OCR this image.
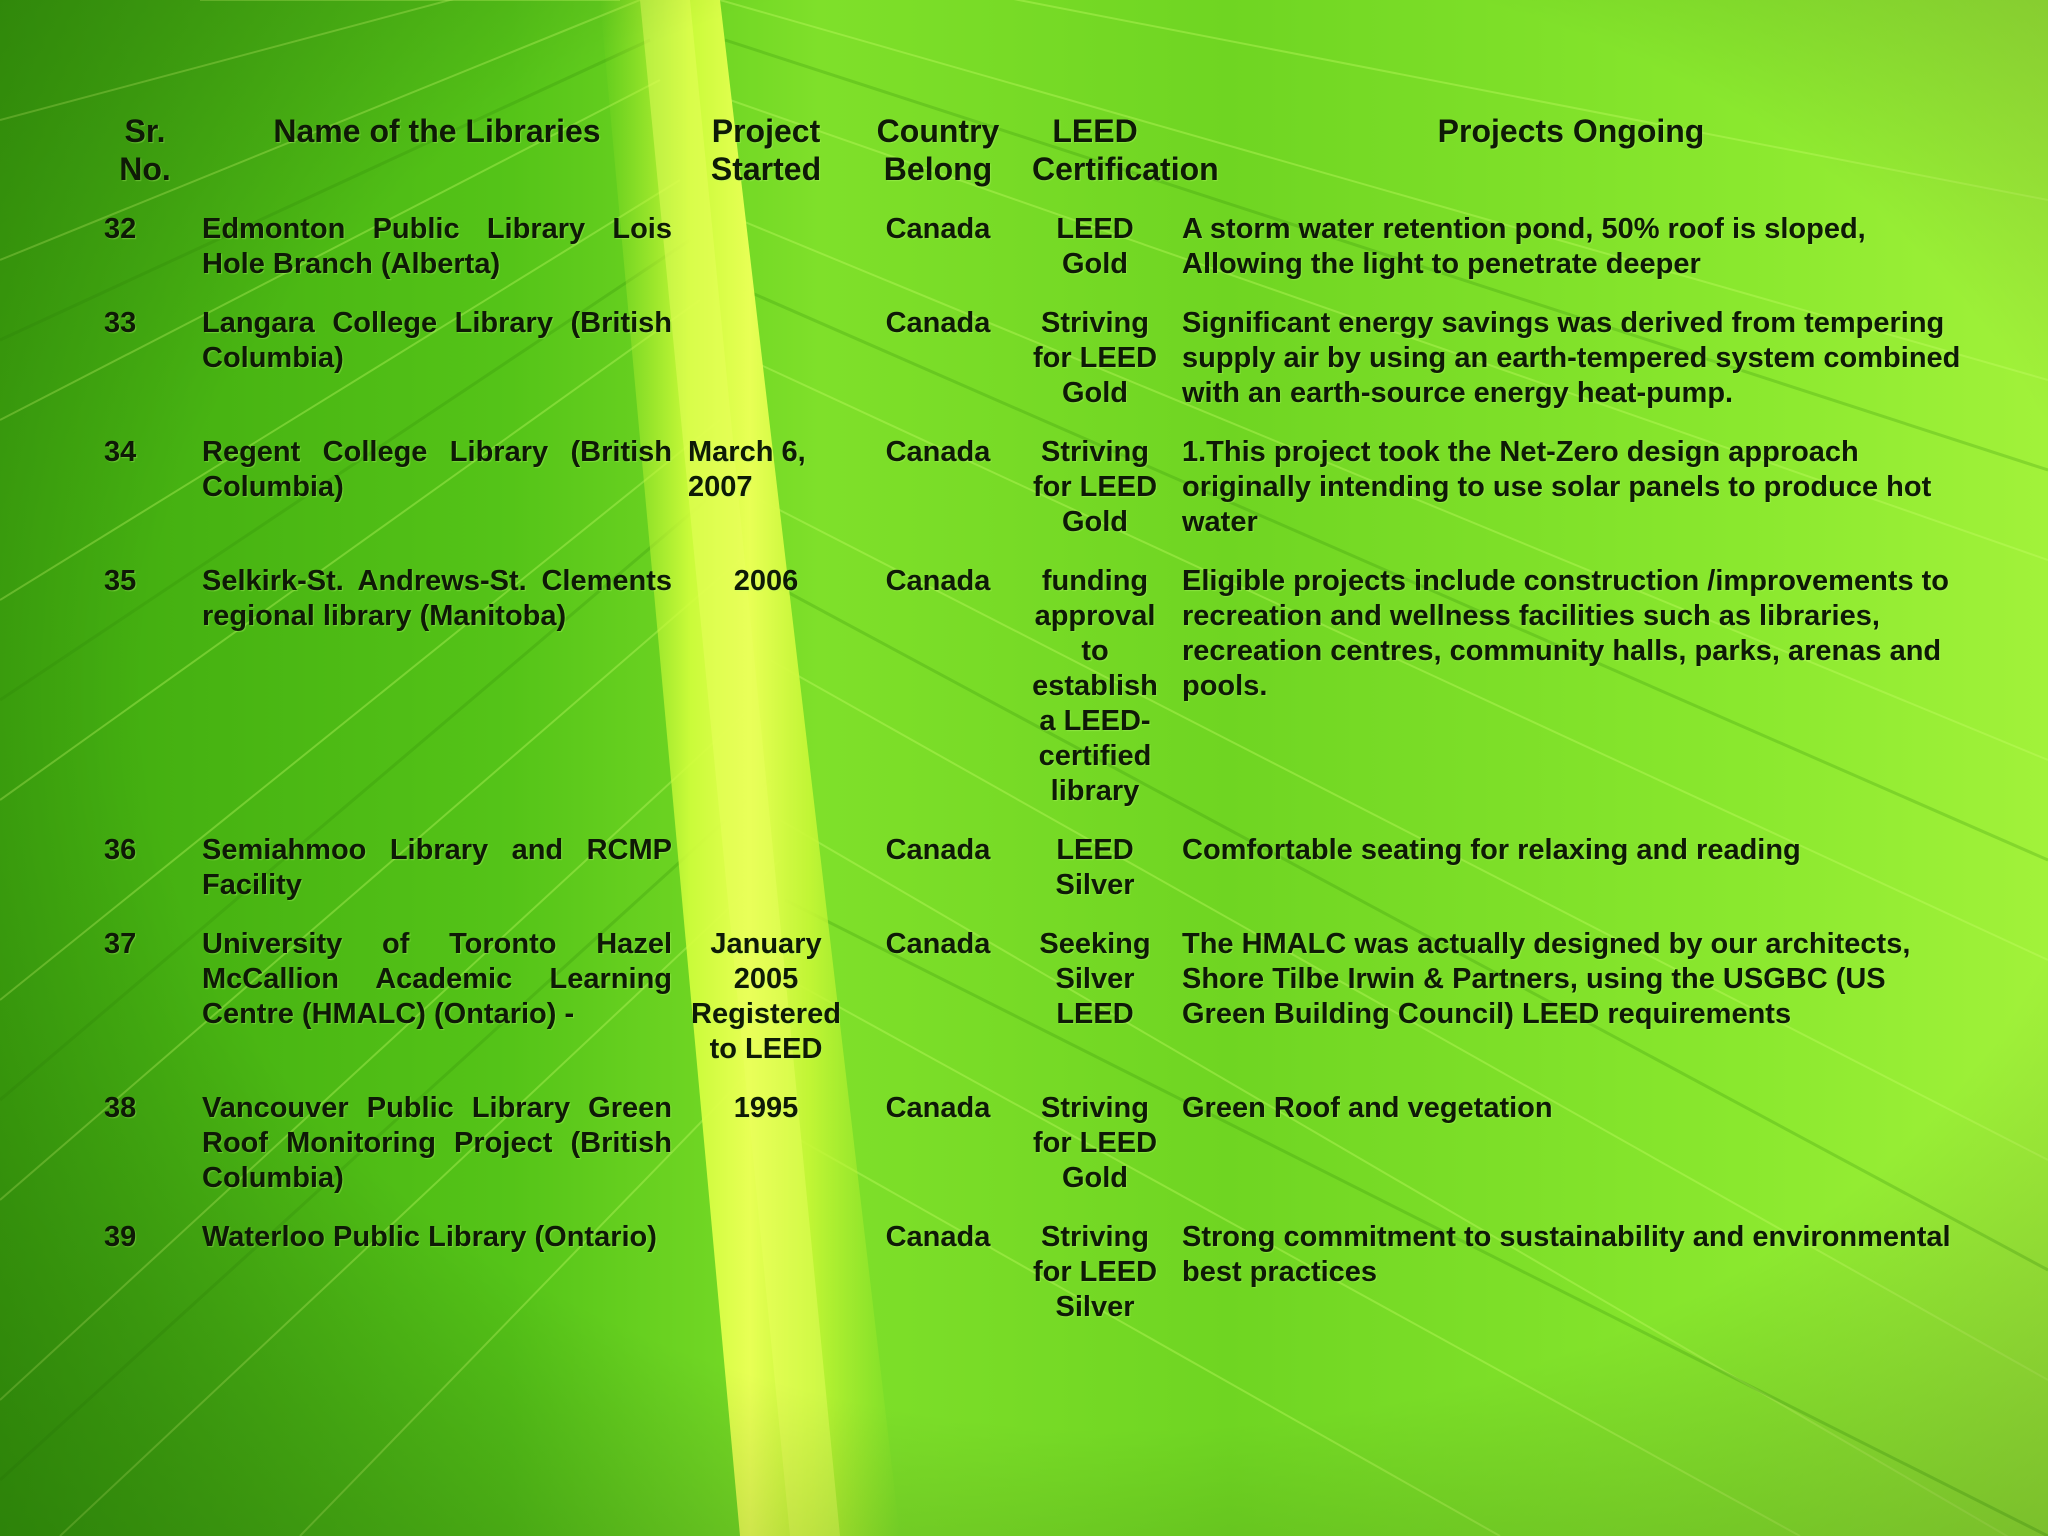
Sr. No.	Name of the Libraries	Project Started	Country Belong	LEED Certification	Projects Ongoing
32	Edmonton Public Library Lois Hole Branch (Alberta)		Canada	LEED Gold	A storm water retention pond, 50% roof is sloped, Allowing the light to penetrate deeper
33	Langara College Library (British Columbia)		Canada	Striving for LEED Gold	Significant energy savings was derived from tempering supply air by using an earth-tempered system combined with an earth-source energy heat-pump.
34	Regent College Library (British Columbia)	March 6, 2007	Canada	Striving for LEED Gold	1.This project took the Net-Zero design approach originally intending to use solar panels to produce hot water
35	Selkirk-St. Andrews-St. Clements regional library (Manitoba)	2006	Canada	funding approval to establish a LEED-certified library	Eligible projects include construction /improvements to recreation and wellness facilities such as libraries, recreation centres, community halls, parks, arenas and pools.
36	Semiahmoo Library and RCMP Facility		Canada	LEED Silver	Comfortable seating for relaxing and reading
37	University of Toronto Hazel McCallion Academic Learning Centre (HMALC) (Ontario) -	January 2005 Registered to LEED	Canada	Seeking Silver LEED	The HMALC was actually designed by our architects, Shore Tilbe Irwin & Partners, using the USGBC (US Green Building Council) LEED requirements
38	Vancouver Public Library Green Roof Monitoring Project (British Columbia)	1995	Canada	Striving for LEED Gold	Green Roof and vegetation
39	Waterloo Public Library (Ontario)		Canada	Striving for LEED Silver	Strong commitment to sustainability and environmental best practices
